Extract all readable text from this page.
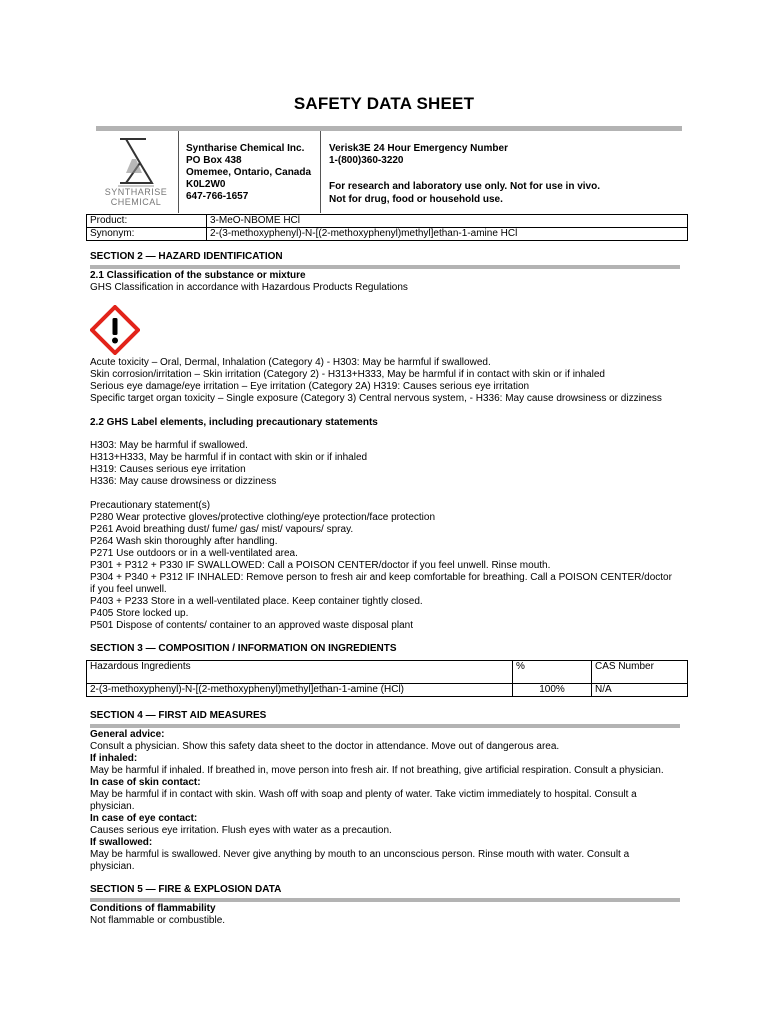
SAFETY DATA SHEET
SYNTHARISE
CHEMICAL
Syntharise Chemical Inc.
PO Box 438
Omemee, Ontario, Canada
K0L2W0
647-766-1657
Verisk3E 24 Hour Emergency Number
1-(800)360-3220
For research and laboratory use only. Not for use in vivo.
Not for drug, food or household use.
Product:	3-MeO-NBOME HCl
Synonym:	2-(3-methoxyphenyl)-N-[(2-methoxyphenyl)methyl]ethan-1-amine HCl
SECTION 2 — HAZARD IDENTIFICATION
2.1 Classification of the substance or mixture
GHS Classification in accordance with Hazardous Products Regulations
Acute toxicity – Oral, Dermal, Inhalation (Category 4) - H303: May be harmful if swallowed.
Skin corrosion/irritation – Skin irritation (Category 2) - H313+H333, May be harmful if in contact with skin or if inhaled
Serious eye damage/eye irritation – Eye irritation (Category 2A) H319: Causes serious eye irritation
Specific target organ toxicity – Single exposure (Category 3) Central nervous system, - H336: May cause drowsiness or dizziness
2.2 GHS Label elements, including precautionary statements
H303: May be harmful if swallowed.
H313+H333, May be harmful if in contact with skin or if inhaled
H319: Causes serious eye irritation
H336: May cause drowsiness or dizziness
Precautionary statement(s)
P280 Wear protective gloves/protective clothing/eye protection/face protection
P261 Avoid breathing dust/ fume/ gas/ mist/ vapours/ spray.
P264 Wash skin thoroughly after handling.
P271 Use outdoors or in a well-ventilated area.
P301 + P312 + P330 IF SWALLOWED: Call a POISON CENTER/doctor if you feel unwell. Rinse mouth.
P304 + P340 + P312 IF INHALED: Remove person to fresh air and keep comfortable for breathing. Call a POISON CENTER/doctor
if you feel unwell.
P403 + P233 Store in a well-ventilated place. Keep container tightly closed.
P405 Store locked up.
P501 Dispose of contents/ container to an approved waste disposal plant
SECTION 3 — COMPOSITION / INFORMATION ON INGREDIENTS
Hazardous Ingredients	%	CAS Number
2-(3-methoxyphenyl)-N-[(2-methoxyphenyl)methyl]ethan-1-amine (HCl)	100%	N/A
SECTION 4 — FIRST AID MEASURES
General advice:
Consult a physician. Show this safety data sheet to the doctor in attendance. Move out of dangerous area.
If inhaled:
May be harmful if inhaled. If breathed in, move person into fresh air. If not breathing, give artificial respiration. Consult a physician.
In case of skin contact:
May be harmful if in contact with skin. Wash off with soap and plenty of water. Take victim immediately to hospital. Consult a
physician.
In case of eye contact:
Causes serious eye irritation. Flush eyes with water as a precaution.
If swallowed:
May be harmful is swallowed. Never give anything by mouth to an unconscious person. Rinse mouth with water. Consult a
physician.
SECTION 5 — FIRE & EXPLOSION DATA
Conditions of flammability
Not flammable or combustible.
